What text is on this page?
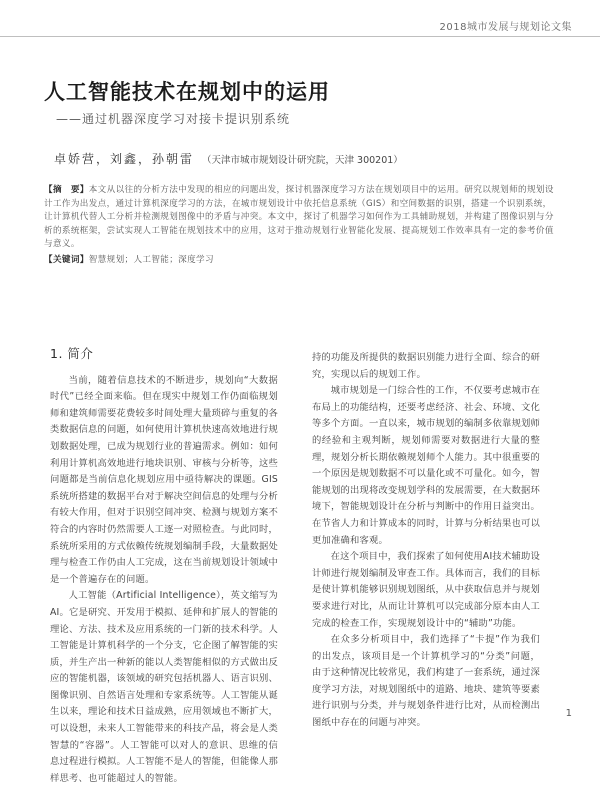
2018城市发展与规划论文集
人工智能技术在规划中的运用
——通过机器深度学习对接卡提识别系统
卓娇营，刘鑫，孙朝雷 （天津市城市规划设计研究院，天津 300201）
【摘　要】本文从以往的分析方法中发现的相应的问题出发，探讨机器深度学习方法在规划项目中的运用。研究以规划师的规划设计工作为出发点，通过计算机深度学习的方法，在城市规划设计中依托信息系统（GIS）和空间数据的识别，搭建一个识别系统，让计算机代替人工分析并检测规划图像中的矛盾与冲突。本文中，探讨了机器学习如何作为工具辅助规划，并构建了图像识别与分析的系统框架，尝试实现人工智能在规划技术中的应用，这对于推动规划行业智能化发展、提高规划工作效率具有一定的参考价值与意义。
【关键词】智慧规划；人工智能；深度学习
1. 简介

当前，随着信息技术的不断进步，规划向“大数据时代”已经全面来临。但在现实中规划工作仍面临规划师和建筑师需要花费较多时间处理大量琐碎与重复的各类数据信息的问题，如何使用计算机快速高效地进行规划数据处理，已成为规划行业的普遍需求。例如：如何利用计算机高效地进行地块识别、审核与分析等，这些问题都是当前信息化规划应用中亟待解决的课题。GIS系统所搭建的数据平台对于解决空间信息的处理与分析有较大作用，但对于识别空间冲突、检测与规划方案不符合的内容时仍然需要人工逐一对照检查。与此同时，系统所采用的方式依赖传统规划编制手段，大量数据处理与检查工作仍由人工完成，这在当前规划设计领域中是一个普遍存在的问题。

人工智能（Artificial Intelligence），英文缩写为AI。它是研究、开发用于模拟、延伸和扩展人的智能的理论、方法、技术及应用系统的一门新的技术科学。人工智能是计算机科学的一个分支，它企图了解智能的实质，并生产出一种新的能以人类智能相似的方式做出反应的智能机器，该领域的研究包括机器人、语言识别、图像识别、自然语言处理和专家系统等。人工智能从诞生以来，理论和技术日益成熟，应用领域也不断扩大，可以设想，未来人工智能带来的科技产品，将会是人类智慧的“容器”。人工智能可以对人的意识、思维的信息过程进行模拟。人工智能不是人的智能，但能像人那样思考、也可能超过人的智能。

持的功能及所提供的数据识别能力进行全面、综合的研究，实现以后的规划工作。

城市规划是一门综合性的工作，不仅要考虑城市在布局上的功能结构，还要考虑经济、社会、环境、文化等多个方面。一直以来，城市规划的编制多依靠规划师的经验和主观判断，规划师需要对数据进行大量的整理，规划分析长期依赖规划师个人能力。其中很重要的一个原因是规划数据不可以量化或不可量化。如今，智能规划的出现将改变规划学科的发展需要，在大数据环境下，智能规划设计在分析与判断中的作用日益突出。在节省人力和计算成本的同时，计算与分析结果也可以更加准确和客观。

在这个项目中，我们探索了如何使用AI技术辅助设计师进行规划编制及审查工作。具体而言，我们的目标是使计算机能够识别规划图纸，从中获取信息并与规划要求进行对比，从而让计算机可以完成部分原本由人工完成的检查工作，实现规划设计中的“辅助”功能。

在众多分析项目中，我们选择了“卡提”作为我们的出发点，该项目是一个计算机学习的“分类”问题，由于这种情况比较常见，我们构建了一套系统，通过深度学习方法，对规划图纸中的道路、地块、建筑等要素进行识别与分类，并与规划条件进行比对，从而检测出图纸中存在的问题与冲突。

1
